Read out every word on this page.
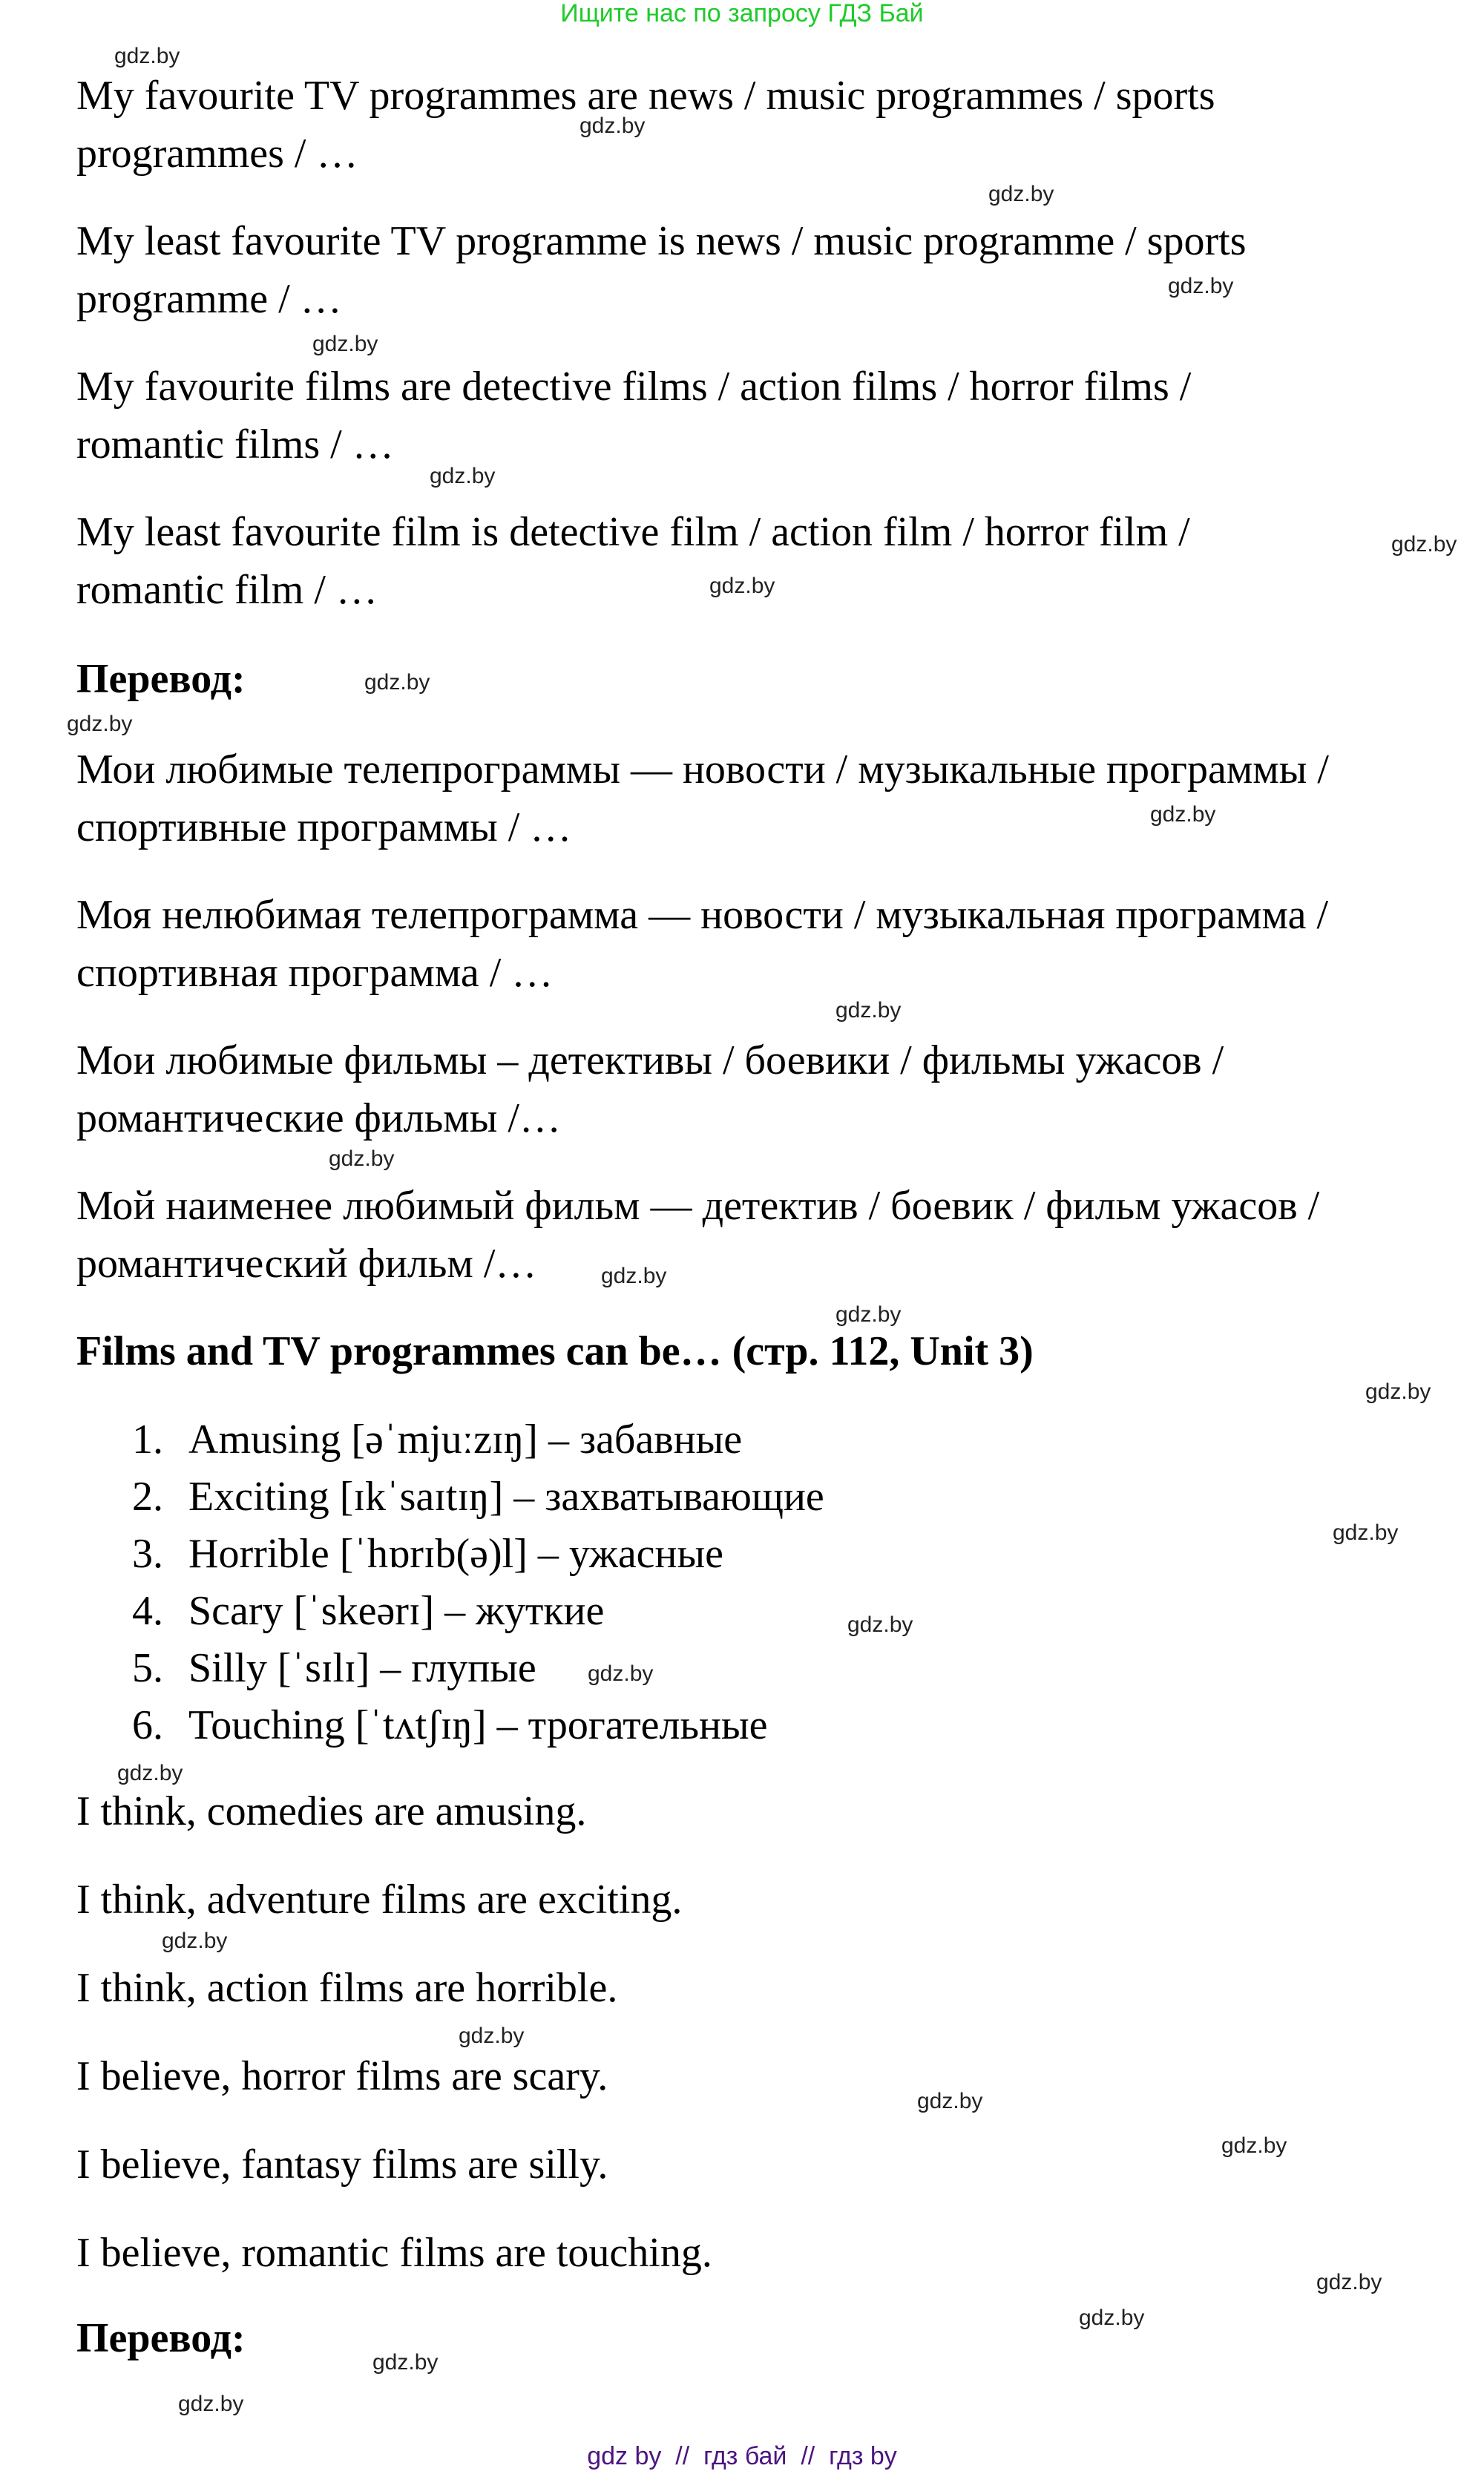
Ищите нас по запросу ГДЗ Бай
My favourite TV programmes are news / music programmes / sports
programmes / …
My least favourite TV programme is news / music programme / sports
programme / …
My favourite films are detective films / action films / horror films /
romantic films / …
My least favourite film is detective film / action film / horror film /
romantic film / …
Перевод:
Мои любимые телепрограммы — новости / музыкальные программы /
спортивные программы / …
Моя нелюбимая телепрограмма — новости / музыкальная программа /
спортивная программа / …
Мои любимые фильмы – детективы / боевики / фильмы ужасов /
романтические фильмы /…
Мой наименее любимый фильм — детектив / боевик / фильм ужасов /
романтический фильм /…
Films and TV programmes can be… (стр. 112, Unit 3)
1. Amusing [əˈmjuːzɪŋ] – забавные
2. Exciting [ɪkˈsaɪtɪŋ] – захватывающие
3. Horrible [ˈhɒrɪb(ə)l] – ужасные
4. Scary [ˈskeərɪ] – жуткие
5. Silly [ˈsɪlɪ] – глупые
6. Touching [ˈtʌtʃɪŋ] – трогательные
I think, comedies are amusing.
I think, adventure films are exciting.
I think, action films are horrible.
I believe, horror films are scary.
I believe, fantasy films are silly.
I believe, romantic films are touching.
Перевод:
gdz.by
gdz.by
gdz.by
gdz.by
gdz.by
gdz.by
gdz.by
gdz.by
gdz.by
gdz.by
gdz.by
gdz.by
gdz.by
gdz.by
gdz.by
gdz.by
gdz.by
gdz.by
gdz.by
gdz.by
gdz.by
gdz.by
gdz.by
gdz.by
gdz.by
gdz.by
gdz.by
gdz.by
gdz by  //  гдз бай  //  гдз by
